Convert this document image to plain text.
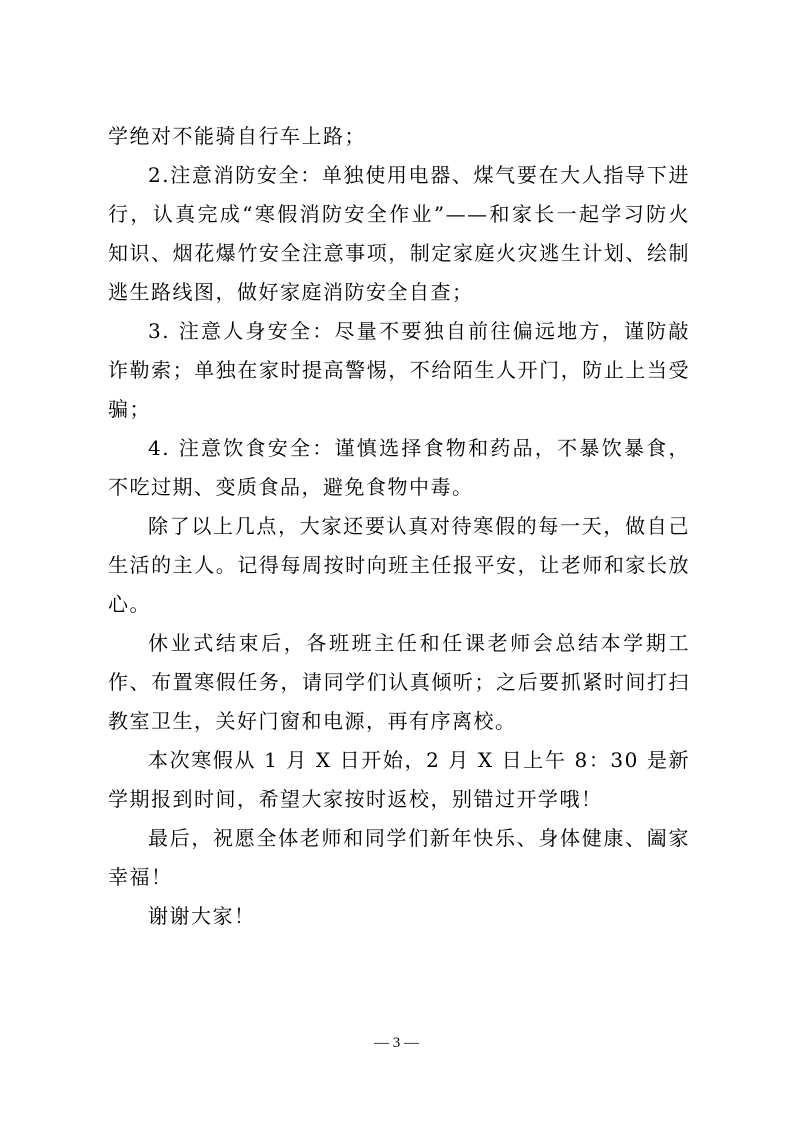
学绝对不能骑自行车上路；

2.注意消防安全：单独使用电器、煤气要在大人指导下进行，认真完成“寒假消防安全作业”——和家长一起学习防火知识、烟花爆竹安全注意事项，制定家庭火灾逃生计划、绘制逃生路线图，做好家庭消防安全自查；

3. 注意人身安全：尽量不要独自前往偏远地方，谨防敲诈勒索；单独在家时提高警惕，不给陌生人开门，防止上当受骗；

4. 注意饮食安全：谨慎选择食物和药品，不暴饮暴食，不吃过期、变质食品，避免食物中毒。

除了以上几点，大家还要认真对待寒假的每一天，做自己生活的主人。记得每周按时向班主任报平安，让老师和家长放心。

休业式结束后，各班班主任和任课老师会总结本学期工作、布置寒假任务，请同学们认真倾听；之后要抓紧时间打扫教室卫生，关好门窗和电源，再有序离校。

本次寒假从 1 月 X 日开始，2 月 X 日上午 8：30 是新学期报到时间，希望大家按时返校，别错过开学哦！

最后，祝愿全体老师和同学们新年快乐、身体健康、阖家幸福！

谢谢大家！

— 3 —
